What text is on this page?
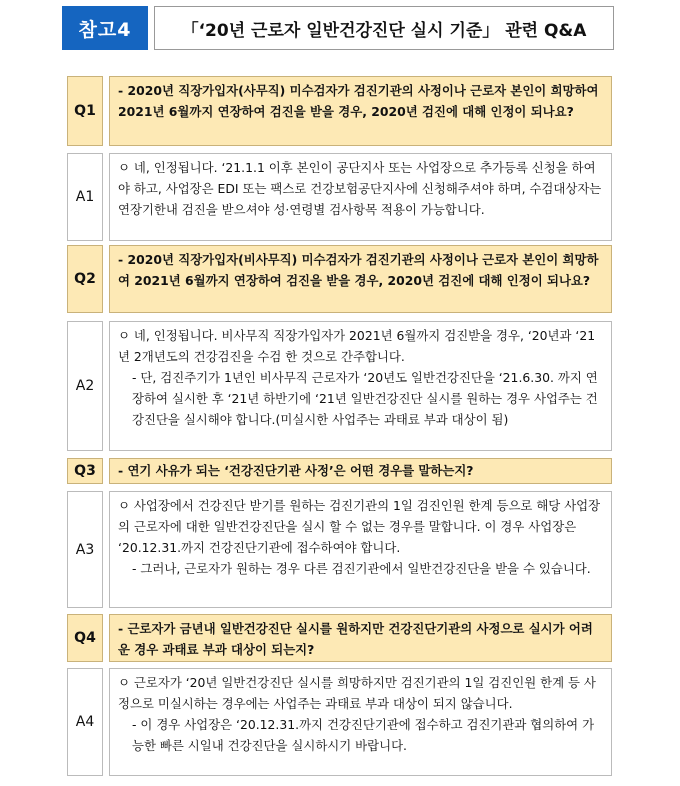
참고4	「‘20년 근로자 일반건강진단 실시 기준」 관련 Q&A
Q1

- 2020년 직장가입자(사무직) 미수검자가 검진기관의 사정이나 근로자 본인이 희망하여 2021년 6월까지 연장하여 검진을 받을 경우, 2020년 검진에 대해 인정이 되나요?

A1

ㅇ 네, 인정됩니다. ‘21.1.1 이후 본인이 공단지사 또는 사업장으로 추가등록 신청을 하여야 하고, 사업장은 EDI 또는 팩스로 건강보험공단지사에 신청해주셔야 하며, 수검대상자는 연장기한내 검진을 받으셔야 성·연령별 검사항목 적용이 가능합니다.

Q2

- 2020년 직장가입자(비사무직) 미수검자가 검진기관의 사정이나 근로자 본인이 희망하여 2021년 6월까지 연장하여 검진을 받을 경우, 2020년 검진에 대해 인정이 되나요?

A2

ㅇ 네, 인정됩니다. 비사무직 직장가입자가 2021년 6월까지 검진받을 경우, ‘20년과 ‘21년 2개년도의 건강검진을 수검 한 것으로 간주합니다.

- 단, 검진주기가 1년인 비사무직 근로자가 ‘20년도 일반건강진단을 ‘21.6.30. 까지 연장하여 실시한 후 ‘21년 하반기에 ‘21년 일반건강진단 실시를 원하는 경우 사업주는 건강진단을 실시해야 합니다.(미실시한 사업주는 과태료 부과 대상이 됨)

Q3	- 연기 사유가 되는 ‘건강진단기관 사정’은 어떤 경우를 말하는지?

A3

ㅇ 사업장에서 건강진단 받기를 원하는 검진기관의 1일 검진인원 한계 등으로 해당 사업장의 근로자에 대한 일반건강진단을 실시 할 수 없는 경우를 말합니다. 이 경우 사업장은 ‘20.12.31.까지 건강진단기관에 접수하여야 합니다.

- 그러나, 근로자가 원하는 경우 다른 검진기관에서 일반건강진단을 받을 수 있습니다.

Q4

- 근로자가 금년내 일반건강진단 실시를 원하지만 건강진단기관의 사정으로 실시가 어려운 경우 과태료 부과 대상이 되는지?

A4

ㅇ 근로자가 ‘20년 일반건강진단 실시를 희망하지만 검진기관의 1일 검진인원 한계 등 사정으로 미실시하는 경우에는 사업주는 과태료 부과 대상이 되지 않습니다.

- 이 경우 사업장은 ‘20.12.31.까지 건강진단기관에 접수하고 검진기관과 협의하여 가능한 빠른 시일내 건강진단을 실시하시기 바랍니다.
